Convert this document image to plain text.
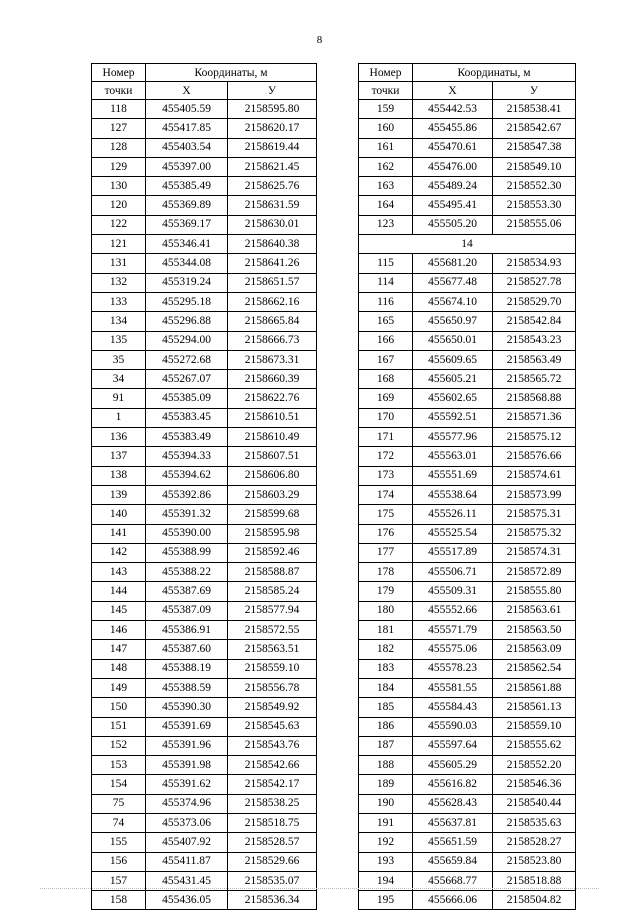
8
Номер	Координаты, м	
точки	X	У
118	455405.59	2158595.80
127	455417.85	2158620.17
128	455403.54	2158619.44
129	455397.00	2158621.45
130	455385.49	2158625.76
120	455369.89	2158631.59
122	455369.17	2158630.01
121	455346.41	2158640.38
131	455344.08	2158641.26
132	455319.24	2158651.57
133	455295.18	2158662.16
134	455296.88	2158665.84
135	455294.00	2158666.73
35	455272.68	2158673.31
34	455267.07	2158660.39
91	455385.09	2158622.76
1	455383.45	2158610.51
136	455383.49	2158610.49
137	455394.33	2158607.51
138	455394.62	2158606.80
139	455392.86	2158603.29
140	455391.32	2158599.68
141	455390.00	2158595.98
142	455388.99	2158592.46
143	455388.22	2158588.87
144	455387.69	2158585.24
145	455387.09	2158577.94
146	455386.91	2158572.55
147	455387.60	2158563.51
148	455388.19	2158559.10
149	455388.59	2158556.78
150	455390.30	2158549.92
151	455391.69	2158545.63
152	455391.96	2158543.76
153	455391.98	2158542.66
154	455391.62	2158542.17
75	455374.96	2158538.25
74	455373.06	2158518.75
155	455407.92	2158528.57
156	455411.87	2158529.66
157	455431.45	2158535.07
158	455436.05	2158536.34
Номер	Координаты, м	
точки	X	У
159	455442.53	2158538.41
160	455455.86	2158542.67
161	455470.61	2158547.38
162	455476.00	2158549.10
163	455489.24	2158552.30
164	455495.41	2158553.30
123	455505.20	2158555.06
14		
115	455681.20	2158534.93
114	455677.48	2158527.78
116	455674.10	2158529.70
165	455650.97	2158542.84
166	455650.01	2158543.23
167	455609.65	2158563.49
168	455605.21	2158565.72
169	455602.65	2158568.88
170	455592.51	2158571.36
171	455577.96	2158575.12
172	455563.01	2158576.66
173	455551.69	2158574.61
174	455538.64	2158573.99
175	455526.11	2158575.31
176	455525.54	2158575.32
177	455517.89	2158574.31
178	455506.71	2158572.89
179	455509.31	2158555.80
180	455552.66	2158563.61
181	455571.79	2158563.50
182	455575.06	2158563.09
183	455578.23	2158562.54
184	455581.55	2158561.88
185	455584.43	2158561.13
186	455590.03	2158559.10
187	455597.64	2158555.62
188	455605.29	2158552.20
189	455616.82	2158546.36
190	455628.43	2158540.44
191	455637.81	2158535.63
192	455651.59	2158528.27
193	455659.84	2158523.80
194	455668.77	2158518.88
195	455666.06	2158504.82
